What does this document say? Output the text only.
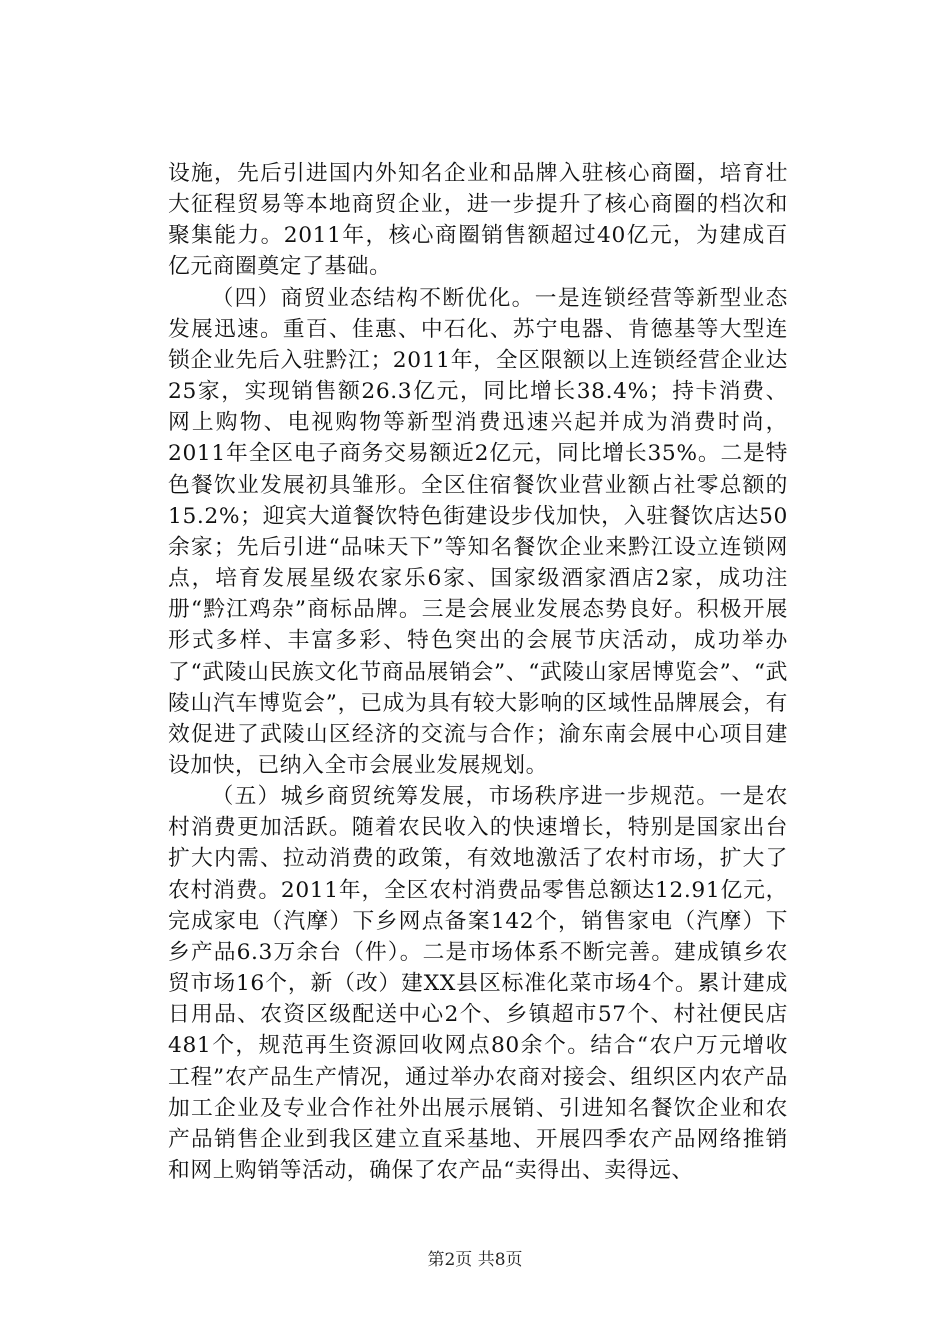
设施，先后引进国内外知名企业和品牌入驻核心商圈，培育壮大征程贸易等本地商贸企业，进一步提升了核心商圈的档次和聚集能力。2011年，核心商圈销售额超过40亿元，为建成百亿元商圈奠定了基础。

（四）商贸业态结构不断优化。一是连锁经营等新型业态发展迅速。重百、佳惠、中石化、苏宁电器、肯德基等大型连锁企业先后入驻黔江；2011年，全区限额以上连锁经营企业达25家，实现销售额26.3亿元，同比增长38.4%；持卡消费、网上购物、电视购物等新型消费迅速兴起并成为消费时尚，2011年全区电子商务交易额近2亿元，同比增长35%。二是特色餐饮业发展初具雏形。全区住宿餐饮业营业额占社零总额的15.2%；迎宾大道餐饮特色街建设步伐加快，入驻餐饮店达50余家；先后引进“品味天下”等知名餐饮企业来黔江设立连锁网点，培育发展星级农家乐6家、国家级酒家酒店2家，成功注册“黔江鸡杂”商标品牌。三是会展业发展态势良好。积极开展形式多样、丰富多彩、特色突出的会展节庆活动，成功举办了“武陵山民族文化节商品展销会”、“武陵山家居博览会”、“武陵山汽车博览会”，已成为具有较大影响的区域性品牌展会，有效促进了武陵山区经济的交流与合作；渝东南会展中心项目建设加快，已纳入全市会展业发展规划。

（五）城乡商贸统筹发展，市场秩序进一步规范。一是农村消费更加活跃。随着农民收入的快速增长，特别是国家出台扩大内需、拉动消费的政策，有效地激活了农村市场，扩大了农村消费。2011年，全区农村消费品零售总额达12.91亿元，完成家电（汽摩）下乡网点备案142个，销售家电（汽摩）下乡产品6.3万余台（件）。二是市场体系不断完善。建成镇乡农贸市场16个，新（改）建XX县区标准化菜市场4个。累计建成日用品、农资区级配送中心2个、乡镇超市57个、村社便民店481个，规范再生资源回收网点80余个。结合“农户万元增收工程”农产品生产情况，通过举办农商对接会、组织区内农产品加工企业及专业合作社外出展示展销、引进知名餐饮企业和农产品销售企业到我区建立直采基地、开展四季农产品网络推销和网上购销等活动，确保了农产品“卖得出、卖得远、

第2页 共8页
